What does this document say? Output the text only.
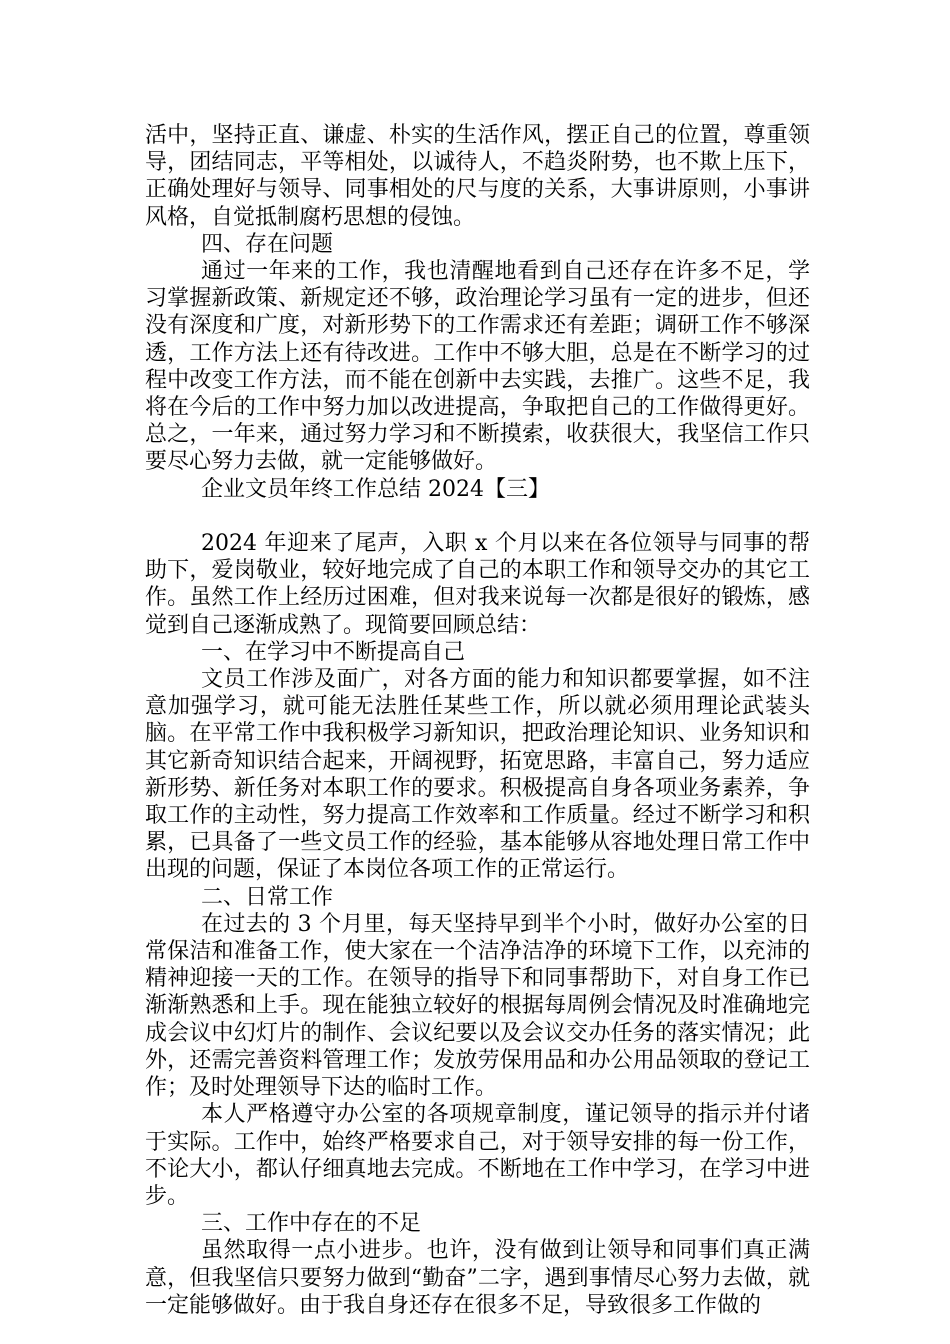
活中，坚持正直、谦虚、朴实的生活作风，摆正自己的位置，尊重领导，团结同志，平等相处，以诚待人，不趋炎附势，也不欺上压下，正确处理好与领导、同事相处的尺与度的关系，大事讲原则，小事讲风格，自觉抵制腐朽思想的侵蚀。

四、存在问题

通过一年来的工作，我也清醒地看到自己还存在许多不足，学习掌握新政策、新规定还不够，政治理论学习虽有一定的进步，但还没有深度和广度，对新形势下的工作需求还有差距；调研工作不够深透，工作方法上还有待改进。工作中不够大胆，总是在不断学习的过程中改变工作方法，而不能在创新中去实践，去推广。这些不足，我将在今后的工作中努力加以改进提高，争取把自己的工作做得更好。总之，一年来，通过努力学习和不断摸索，收获很大，我坚信工作只要尽心努力去做，就一定能够做好。

企业文员年终工作总结 2024【三】

2024 年迎来了尾声，入职 x 个月以来在各位领导与同事的帮助下，爱岗敬业，较好地完成了自己的本职工作和领导交办的其它工作。虽然工作上经历过困难，但对我来说每一次都是很好的锻炼，感觉到自己逐渐成熟了。现简要回顾总结：

一、在学习中不断提高自己

文员工作涉及面广，对各方面的能力和知识都要掌握，如不注意加强学习，就可能无法胜任某些工作，所以就必须用理论武装头脑。在平常工作中我积极学习新知识，把政治理论知识、业务知识和其它新奇知识结合起来，开阔视野，拓宽思路，丰富自己，努力适应新形势、新任务对本职工作的要求。积极提高自身各项业务素养，争取工作的主动性，努力提高工作效率和工作质量。经过不断学习和积累，已具备了一些文员工作的经验，基本能够从容地处理日常工作中出现的问题，保证了本岗位各项工作的正常运行。

二、日常工作

在过去的 3 个月里，每天坚持早到半个小时，做好办公室的日常保洁和准备工作，使大家在一个洁净洁净的环境下工作，以充沛的精神迎接一天的工作。在领导的指导下和同事帮助下，对自身工作已渐渐熟悉和上手。现在能独立较好的根据每周例会情况及时准确地完成会议中幻灯片的制作、会议纪要以及会议交办任务的落实情况；此外，还需完善资料管理工作；发放劳保用品和办公用品领取的登记工作；及时处理领导下达的临时工作。

本人严格遵守办公室的各项规章制度，谨记领导的指示并付诸于实际。工作中，始终严格要求自己，对于领导安排的每一份工作，不论大小，都认仔细真地去完成。不断地在工作中学习，在学习中进步。

三、工作中存在的不足

虽然取得一点小进步。也许，没有做到让领导和同事们真正满意，但我坚信只要努力做到“勤奋”二字，遇到事情尽心努力去做，就一定能够做好。由于我自身还存在很多不足，导致很多工作做的
